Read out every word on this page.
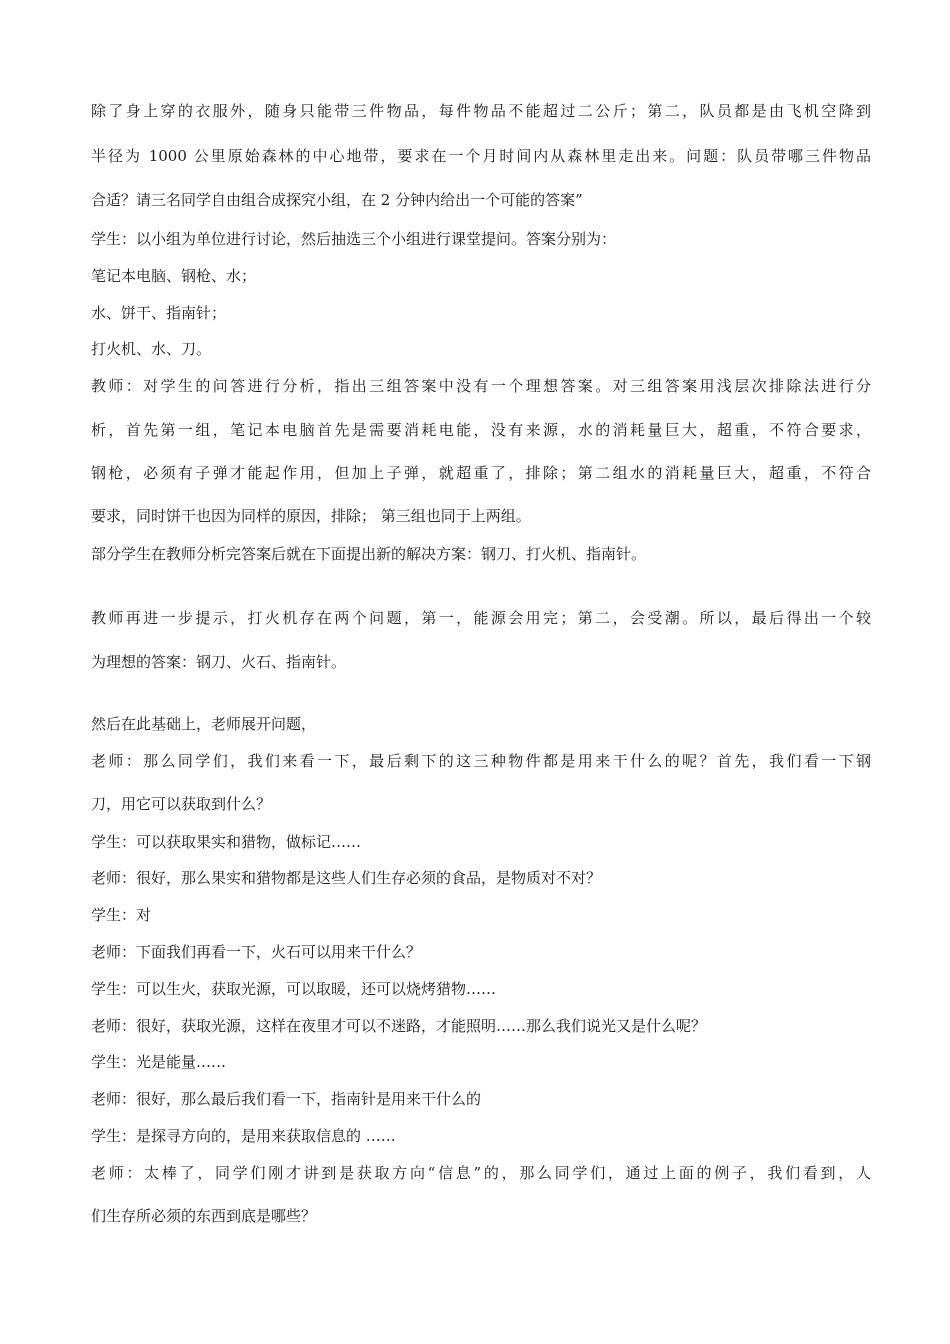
除了身上穿的衣服外，随身只能带三件物品，每件物品不能超过二公斤；第二，队员都是由飞机空降到
半径为 1000 公里原始森林的中心地带，要求在一个月时间内从森林里走出来。问题：队员带哪三件物品
合适？请三名同学自由组合成探究小组，在 2 分钟内给出一个可能的答案”
学生：以小组为单位进行讨论，然后抽选三个小组进行课堂提问。答案分别为：
笔记本电脑、钢枪、水；
水、饼干、指南针；
打火机、水、刀。
教师：对学生的问答进行分析，指出三组答案中没有一个理想答案。对三组答案用浅层次排除法进行分
析，首先第一组，笔记本电脑首先是需要消耗电能，没有来源，水的消耗量巨大，超重，不符合要求，
钢枪，必须有子弹才能起作用，但加上子弹，就超重了，排除；第二组水的消耗量巨大，超重，不符合
要求，同时饼干也因为同样的原因，排除； 第三组也同于上两组。
部分学生在教师分析完答案后就在下面提出新的解决方案：钢刀、打火机、指南针。
教师再进一步提示，打火机存在两个问题，第一，能源会用完；第二，会受潮。所以，最后得出一个较
为理想的答案：钢刀、火石、指南针。
然后在此基础上，老师展开问题，
老师：那么同学们，我们来看一下，最后剩下的这三种物件都是用来干什么的呢？首先，我们看一下钢
刀，用它可以获取到什么？
学生：可以获取果实和猎物，做标记……
老师：很好，那么果实和猎物都是这些人们生存必须的食品，是物质对不对？
学生：对
老师：下面我们再看一下，火石可以用来干什么？
学生：可以生火，获取光源，可以取暖，还可以烧烤猎物……
老师：很好，获取光源，这样在夜里才可以不迷路，才能照明……那么我们说光又是什么呢？
学生：光是能量……
老师：很好，那么最后我们看一下，指南针是用来干什么的
学生：是探寻方向的，是用来获取信息的 ……
老师：太棒了，同学们刚才讲到是获取方向“信息”的，那么同学们，通过上面的例子，我们看到，人
们生存所必须的东西到底是哪些？
